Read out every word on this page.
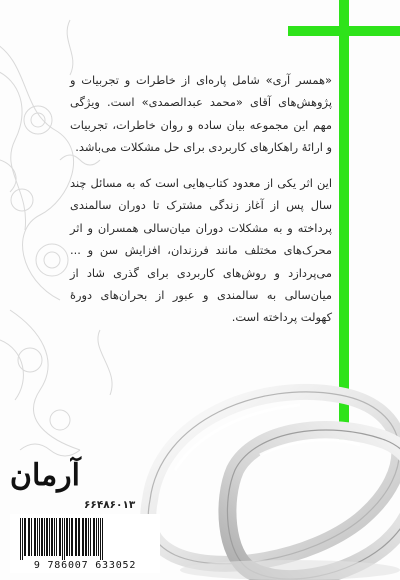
«همسر آری» شامل پاره‌ای از خاطرات و تجربیات و پژوهش‌های آقای «محمد عبدالصمدی» است. ویژگی مهم این مجموعه بیان ساده و روان خاطرات، تجربیات و ارائهٔ راهکارهای کاربردی برای حل مشکلات می‌باشد.

این اثر یکی از معدود کتاب‌هایی است که به مسائل چند سال پس از آغاز زندگی مشترک تا دوران سالمندی پرداخته و به مشکلات دوران میان‌سالی همسران و اثر محرک‌های مختلف مانند فرزندان، افزایش سن و ... می‌پردازد و روش‌های کاربردی برای گذری شاد از میان‌سالی به سالمندی و عبور از بحران‌های دورهٔ کهولت پرداخته است.

آرمان
۶۶۴۸۶۰۱۳
9 786007 633052
